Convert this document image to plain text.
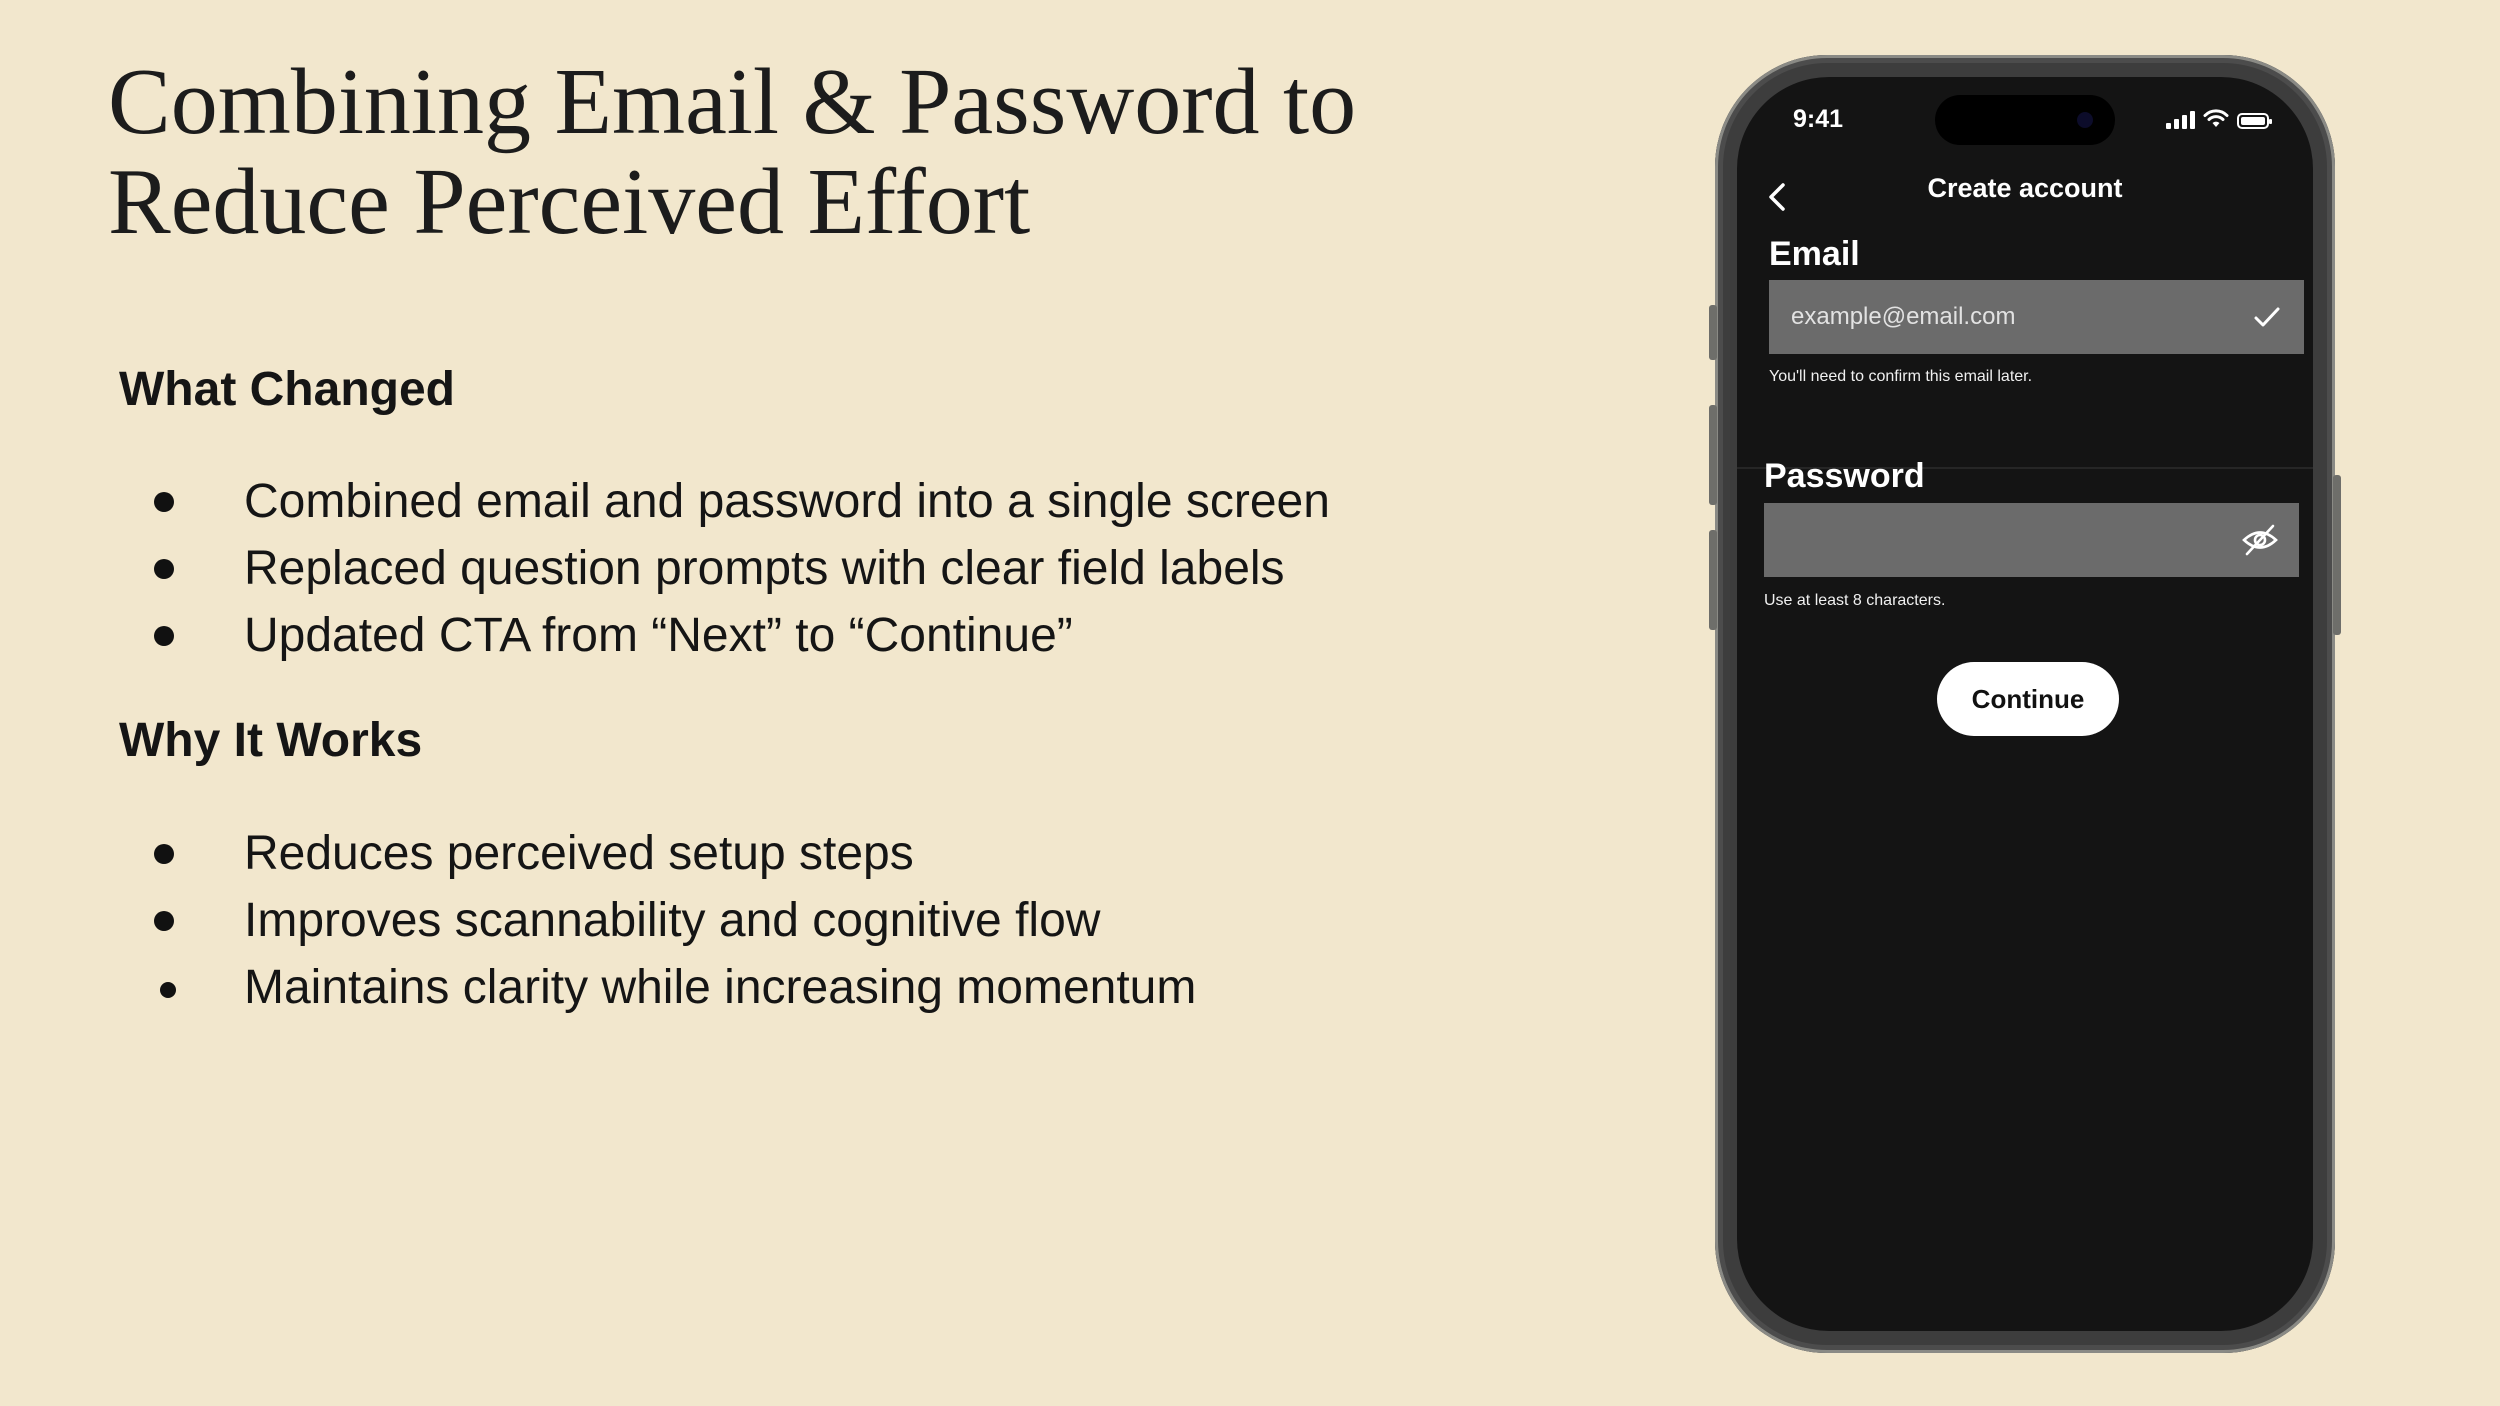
Combining Email & Password to
Reduce Perceived Effort
What Changed
Combined email and password into a single screen
Replaced question prompts with clear field labels
Updated CTA from “Next” to “Continue”
Why It Works
Reduces perceived setup steps
Improves scannability and cognitive flow
Maintains clarity while increasing momentum
9:41
Create account
Email
example@email.com
You'll need to confirm this email later.
Password
Use at least 8 characters.
Continue
